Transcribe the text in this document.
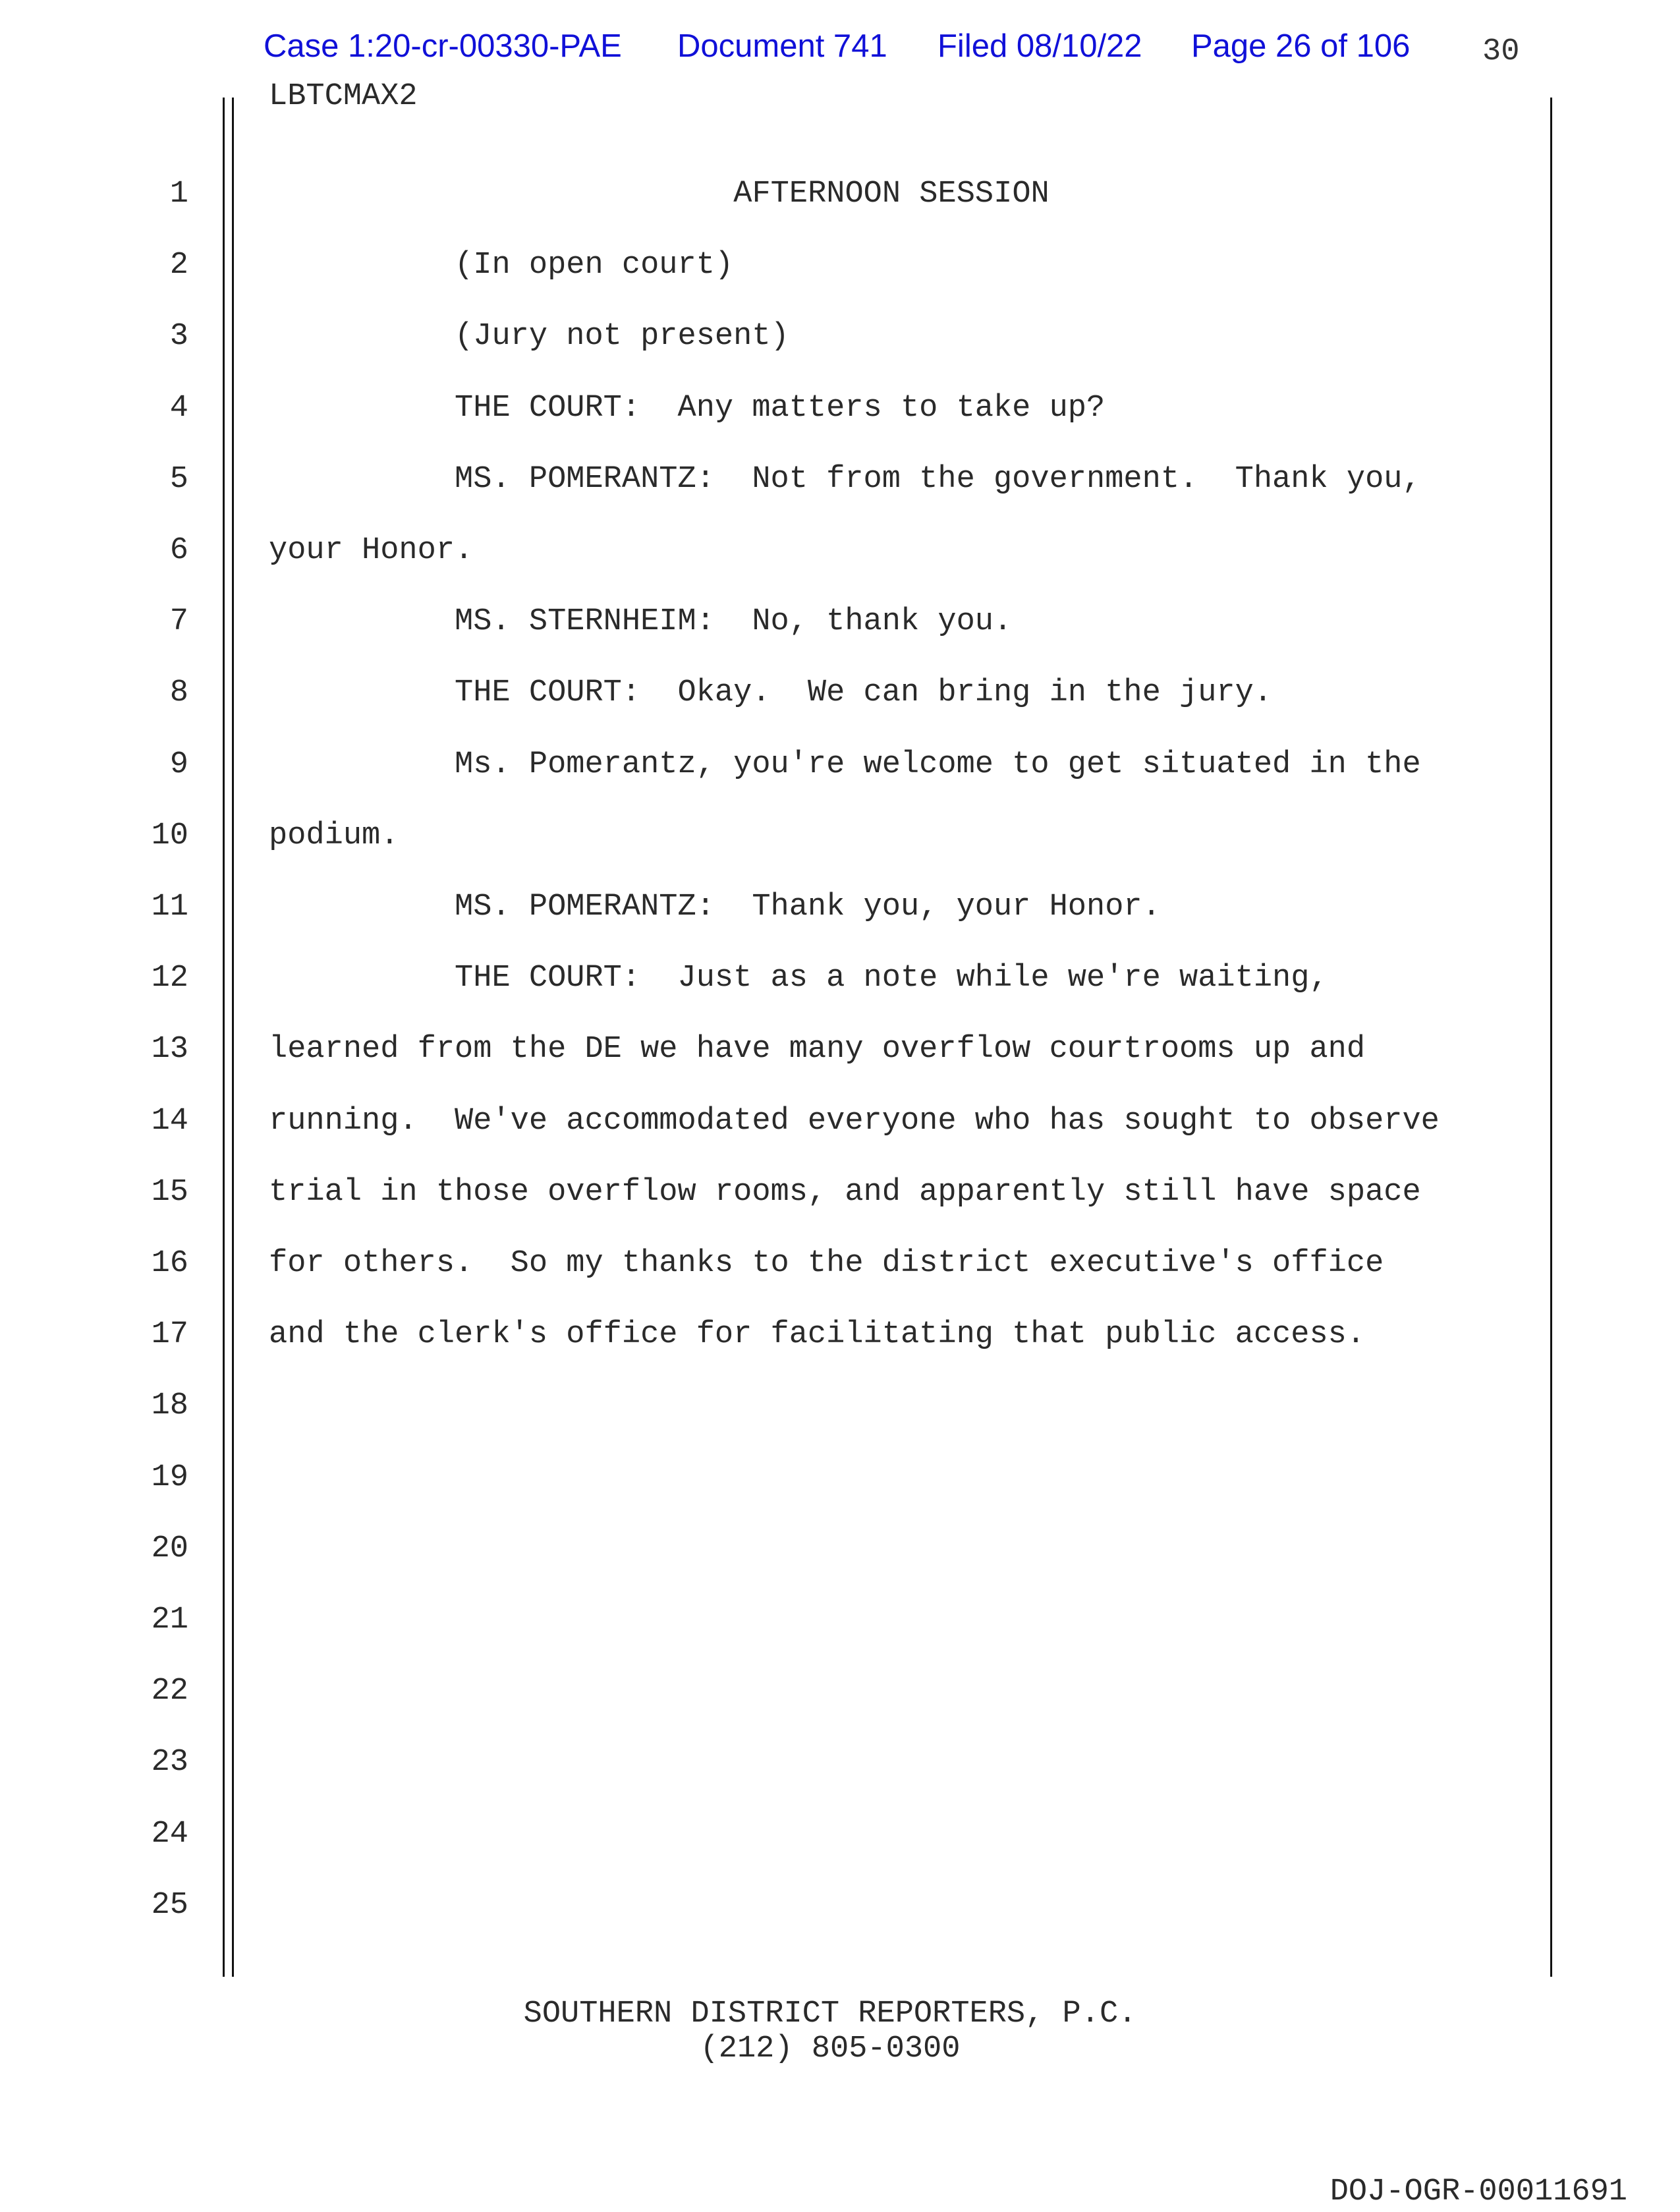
Case 1:20-cr-00330-PAE Document 741 Filed 08/10/22 Page 26 of 106 30
LBTCMAX2
1	AFTERNOON SESSION
2	(In open court)
3	(Jury not present)
4	THE COURT:  Any matters to take up?
5	MS. POMERANTZ:  Not from the government.  Thank you,
6	your Honor.
7	MS. STERNHEIM:  No, thank you.
8	THE COURT:  Okay.  We can bring in the jury.
9	Ms. Pomerantz, you're welcome to get situated in the
10	podium.
11	MS. POMERANTZ:  Thank you, your Honor.
12	THE COURT:  Just as a note while we're waiting,
13	learned from the DE we have many overflow courtrooms up and
14	running.  We've accommodated everyone who has sought to observe
15	trial in those overflow rooms, and apparently still have space
16	for others.  So my thanks to the district executive's office
17	and the clerk's office for facilitating that public access.
18
19
20
21
22
23
24
25
SOUTHERN DISTRICT REPORTERS, P.C.
(212) 805-0300
DOJ-OGR-00011691
